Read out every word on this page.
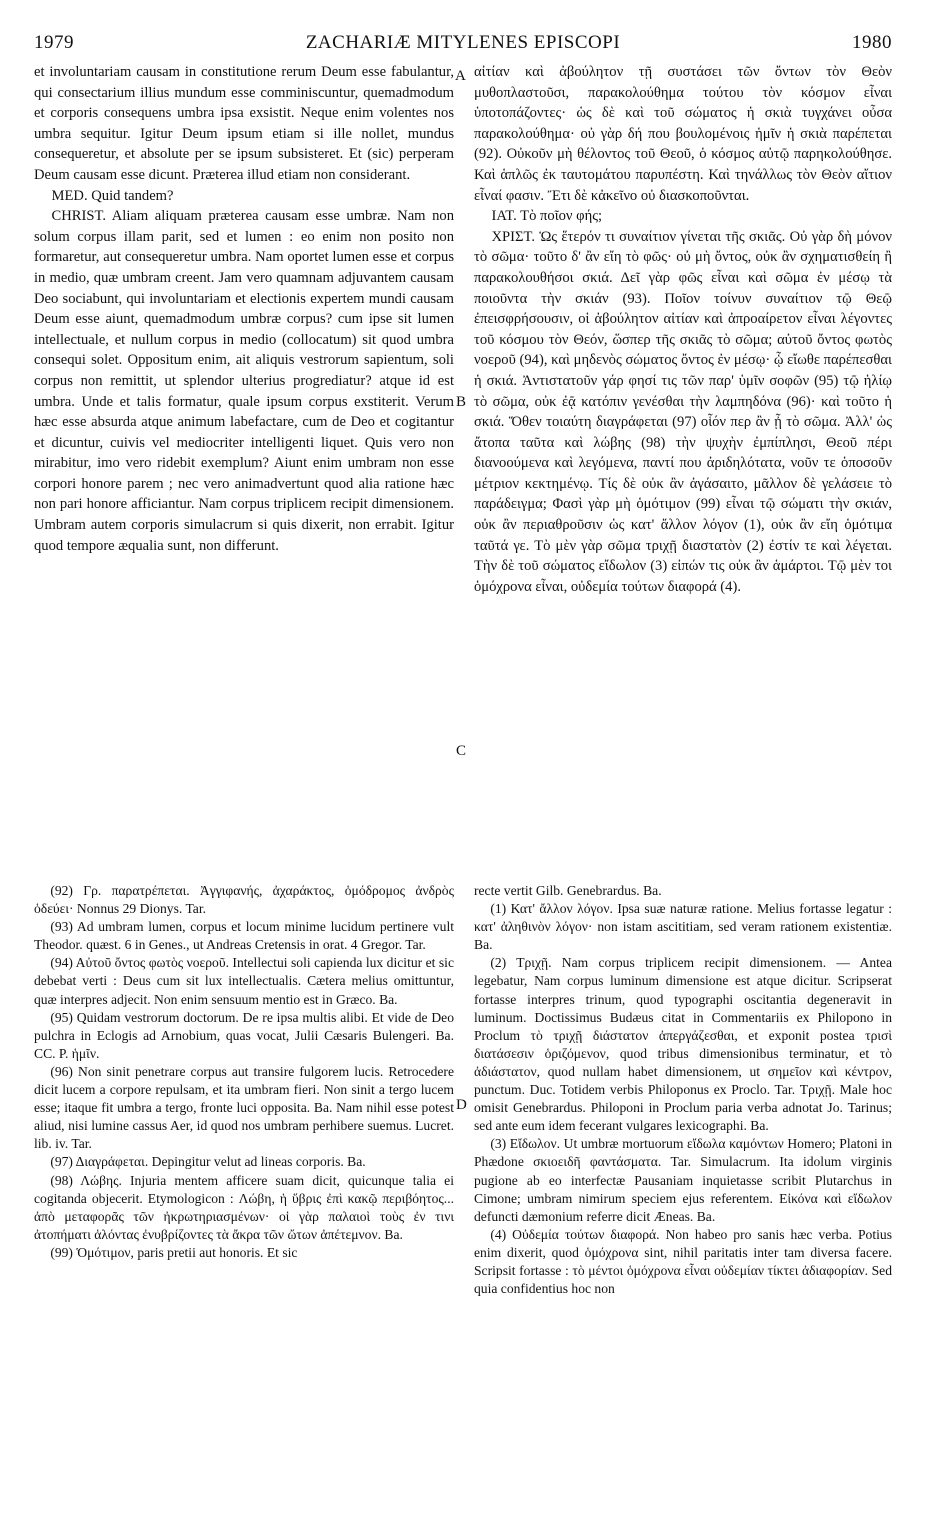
1979	ZACHARIÆ MITYLENES EPISCOPI	1980
A
B
C
D

et involuntariam causam in constitutione rerum Deum esse fabulantur, qui consectarium illius mundum esse comminiscuntur, quemadmodum et corporis consequens umbra ipsa exsistit. Neque enim volentes nos umbra sequitur. Igitur Deum ipsum etiam si ille nollet, mundus consequeretur, et absolute per se ipsum subsisteret. Et (sic) perperam Deum causam esse dicunt. Præterea illud etiam non considerant.

MED. Quid tandem?

CHRIST. Aliam aliquam præterea causam esse umbræ. Nam non solum corpus illam parit, sed et lumen : eo enim non posito non formaretur, aut consequeretur umbra. Nam oportet lumen esse et corpus in medio, quæ umbram creent. Jam vero quamnam adjuvantem causam Deo sociabunt, qui involuntariam et electionis expertem mundi causam Deum esse aiunt, quemadmodum umbræ corpus? cum ipse sit lumen intellectuale, et nullum corpus in medio (collocatum) sit quod umbra consequi solet. Oppositum enim, ait aliquis vestrorum sapientum, soli corpus non remittit, ut splendor ulterius progrediatur? atque id est umbra. Unde et talis formatur, quale ipsum corpus exstiterit. Verum hæc esse absurda atque animum labefactare, cum de Deo et cogitantur et dicuntur, cuivis vel mediocriter intelligenti liquet. Quis vero non mirabitur, imo vero ridebit exemplum? Aiunt enim umbram non esse corpori honore parem ; nec vero animadvertunt quod alia ratione hæc non pari honore afficiantur. Nam corpus triplicem recipit dimensionem. Umbram autem corporis simulacrum si quis dixerit, non errabit. Igitur quod tempore æqualia sunt, non differunt.

αἰτίαν καὶ ἀβούλητον τῇ συστάσει τῶν ὄντων τὸν Θεὸν μυθοπλαστοῦσι, παρακολούθημα τούτου τὸν κόσμον εἶναι ὑποτοπάζοντες· ὡς δὲ καὶ τοῦ σώματος ἡ σκιὰ τυγχάνει οὖσα παρακολούθημα· οὐ γὰρ δή που βουλομένοις ἡμῖν ἡ σκιὰ παρέπεται (92). Οὐκοῦν μὴ θέλοντος τοῦ Θεοῦ, ὁ κόσμος αὐτῷ παρηκολούθησε. Καὶ ἁπλῶς ἐκ ταυτομάτου παρυπέστη. Καὶ τηνάλλως τὸν Θεὸν αἴτιον εἶναί φασιν. Ἔτι δὲ κἀκεῖνο οὐ διασκοποῦνται.

ΙΑΤ. Τὸ ποῖον φής;

ΧΡΙΣΤ. Ὡς ἕτερόν τι συναίτιον γίνεται τῆς σκιᾶς. Οὐ γὰρ δὴ μόνον τὸ σῶμα· τοῦτο δ' ἂν εἴη τὸ φῶς· οὐ μὴ ὄντος, οὐκ ἂν σχηματισθείη ἢ παρακολουθήσοι σκιά. Δεῖ γὰρ φῶς εἶναι καὶ σῶμα ἐν μέσῳ τὰ ποιοῦντα τὴν σκιάν (93). Ποῖον τοίνυν συναίτιον τῷ Θεῷ ἐπεισφρήσουσιν, οἱ ἀβούλητον αἰτίαν καὶ ἀπροαίρετον εἶναι λέγοντες τοῦ κόσμου τὸν Θεόν, ὥσπερ τῆς σκιᾶς τὸ σῶμα; αὐτοῦ ὄντος φωτὸς νοεροῦ (94), καὶ μηδενὸς σώματος ὄντος ἐν μέσῳ· ᾧ εἴωθε παρέπεσθαι ἡ σκιά. Ἀντιστατοῦν γάρ φησί τις τῶν παρ' ὑμῖν σοφῶν (95) τῷ ἡλίῳ τὸ σῶμα, οὐκ ἐᾷ κατόπιν γενέσθαι τὴν λαμπηδόνα (96)· καὶ τοῦτο ἡ σκιά. Ὅθεν τοιαύτη διαγράφεται (97) οἷόν περ ἂν ᾖ τὸ σῶμα. Ἀλλ' ὡς ἄτοπα ταῦτα καὶ λώβης (98) τὴν ψυχὴν ἐμπίπλησι, Θεοῦ πέρι διανοούμενα καὶ λεγόμενα, παντί που ἀριδηλότατα, νοῦν τε ὁποσοῦν μέτριον κεκτημένῳ. Τίς δὲ οὐκ ἂν ἀγάσαιτο, μᾶλλον δὲ γελάσειε τὸ παράδειγμα; Φασὶ γὰρ μὴ ὁμότιμον (99) εἶναι τῷ σώματι τὴν σκιάν, οὐκ ἂν περιαθροῦσιν ὡς κατ' ἄλλον λόγον (1), οὐκ ἂν εἴη ὁμότιμα ταῦτά γε. Τὸ μὲν γὰρ σῶμα τριχῇ διαστατὸν (2) ἐστίν τε καὶ λέγεται. Τὴν δὲ τοῦ σώματος εἴδωλον (3) εἰπών τις οὐκ ἂν ἁμάρτοι. Τῷ μὲν τοι ὁμόχρονα εἶναι, οὐδεμία τούτων διαφορά (4).

(92) Γρ. παρατρέπεται. Ἀγγιφανής, ἀχαράκτος, ὁμόδρομος ἀνδρὸς ὁδεύει· Nonnus 29 Dionys. Tar.

(93) Ad umbram lumen, corpus et locum minime lucidum pertinere vult Theodor. quæst. 6 in Genes., ut Andreas Cretensis in orat. 4 Gregor. Tar.

(94) Αὐτοῦ ὄντος φωτὸς νοεροῦ. Intellectui soli capienda lux dicitur et sic debebat verti : Deus cum sit lux intellectualis. Cætera melius omittuntur, quæ interpres adjecit. Non enim sensuum mentio est in Græco. Ba.

(95) Quidam vestrorum doctorum. De re ipsa multis alibi. Et vide de Deo pulchra in Eclogis ad Arnobium, quas vocat, Julii Cæsaris Bulengeri. Ba. CC. P. ἡμῖν.

(96) Non sinit penetrare corpus aut transire fulgorem lucis. Retrocedere dicit lucem a corpore repulsam, et ita umbram fieri. Non sinit a tergo lucem esse; itaque fit umbra a tergo, fronte luci opposita. Ba. Nam nihil esse potest aliud, nisi lumine cassus Aer, id quod nos umbram perhibere suemus. Lucret. lib. iv. Tar.

(97) Διαγράφεται. Depingitur velut ad lineas corporis. Ba.

(98) Λώβης. Injuria mentem afficere suam dicit, quicunque talia ei cogitanda objecerit. Etymologicon : Λώβη, ἡ ὕβρις ἐπὶ κακῷ περιβόητος... ἀπὸ μεταφορᾶς τῶν ἠκρωτηριασμένων· οἱ γὰρ παλαιοὶ τοὺς ἐν τινι ἀτοπήματι ἁλόντας ἐνυβρίζοντες τὰ ἄκρα τῶν ὤτων ἀπέτεμνον. Ba.

(99) Ὁμότιμον, paris pretii aut honoris. Et sic

recte vertit Gilb. Genebrardus. Ba.

(1) Κατ' ἄλλον λόγον. Ipsa suæ naturæ ratione. Melius fortasse legatur : κατ' ἀληθινὸν λόγον· non istam ascititiam, sed veram rationem existentiæ. Ba.

(2) Τριχῇ. Nam corpus triplicem recipit dimensionem. — Antea legebatur, Nam corpus luminum dimensione est atque dicitur. Scripserat fortasse interpres trinum, quod typographi oscitantia degeneravit in luminum. Doctissimus Budæus citat in Commentariis ex Philopono in Proclum τὸ τριχῇ διάστατον ἀπεργάζεσθαι, et exponit postea τρισὶ διατάσεσιν ὁριζόμενον, quod tribus dimensionibus terminatur, et τὸ ἀδιάστατον, quod nullam habet dimensionem, ut σημεῖον καὶ κέντρον, punctum. Duc. Totidem verbis Philoponus ex Proclo. Tar. Τριχῇ. Male hoc omisit Genebrardus. Philoponi in Proclum paria verba adnotat Jo. Tarinus; sed ante eum idem fecerant vulgares lexicographi. Ba.

(3) Εἴδωλον. Ut umbræ mortuorum εἴδωλα καμόντων Homero; Platoni in Phædone σκιοειδῆ φαντάσματα. Tar. Simulacrum. Ita idolum virginis pugione ab eo interfectæ Pausaniam inquietasse scribit Plutarchus in Cimone; umbram nimirum speciem ejus referentem. Εἰκόνα καὶ εἴδωλον defuncti dæmonium referre dicit Æneas. Ba.

(4) Οὐδεμία τούτων διαφορά. Non habeo pro sanis hæc verba. Potius enim dixerit, quod ὁμόχρονα sint, nihil paritatis inter tam diversa facere. Scripsit fortasse : τὸ μέντοι ὁμόχρονα εἶναι οὐδεμίαν τίκτει ἀδιαφορίαν. Sed quia confidentius hoc non
